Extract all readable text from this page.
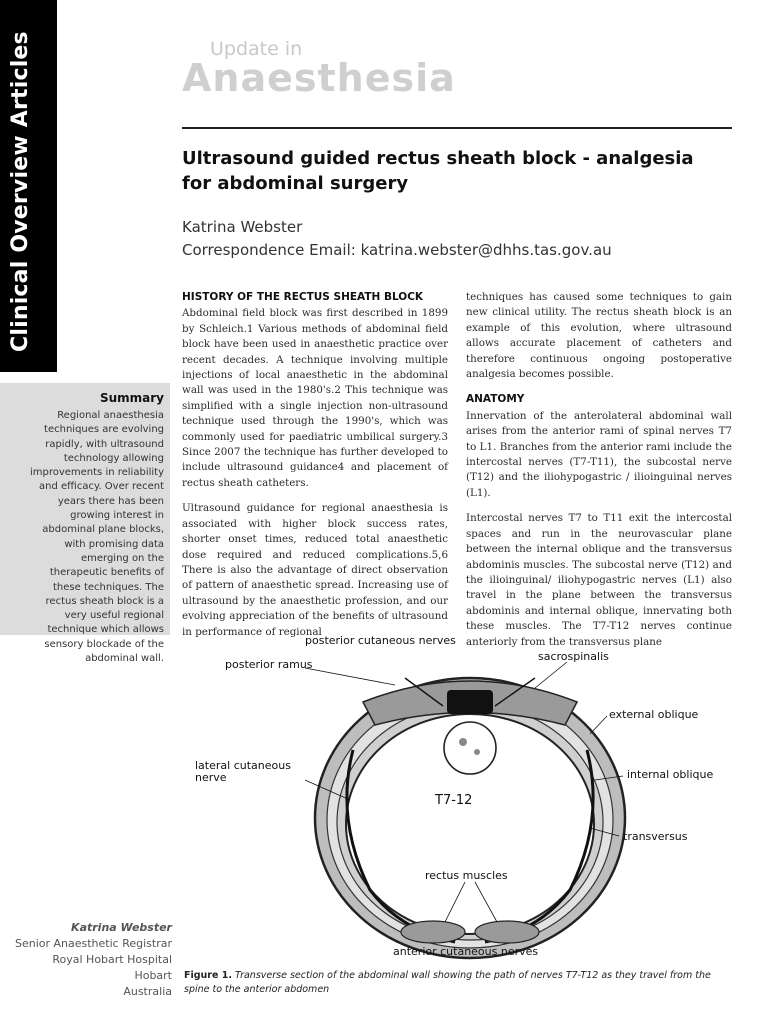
Clinical Overview Articles	Update in
Anaesthesia
Ultrasound guided rectus sheath block - analgesia for abdominal surgery
Katrina Webster
Correspondence Email: katrina.webster@dhhs.tas.gov.au
Summary
Regional anaesthesia techniques are evolving rapidly, with ultrasound technology allowing improvements in reliability and efficacy. Over recent years there has been growing interest in abdominal plane blocks, with promising data emerging on the therapeutic benefits of these techniques. The rectus sheath block is a very useful regional technique which allows sensory blockade of the abdominal wall.
HISTORY OF THE RECTUS SHEATH BLOCK

Abdominal field block was first described in 1899 by Schleich.1 Various methods of abdominal field block have been used in anaesthetic practice over recent decades. A technique involving multiple injections of local anaesthetic in the abdominal wall was used in the 1980's.2 This technique was simplified with a single injection non-ultrasound technique used through the 1990's, which was commonly used for paediatric umbilical surgery.3 Since 2007 the technique has further developed to include ultrasound guidance4 and placement of rectus sheath catheters.

Ultrasound guidance for regional anaesthesia is associated with higher block success rates, shorter onset times, reduced total anaesthetic dose required and reduced complications.5,6 There is also the advantage of direct observation of pattern of anaesthetic spread. Increasing use of ultrasound by the anaesthetic profession, and our evolving appreciation of the benefits of ultrasound in performance of regional

techniques has caused some techniques to gain new clinical utility. The rectus sheath block is an example of this evolution, where ultrasound allows accurate placement of catheters and therefore continuous ongoing postoperative analgesia becomes possible.

ANATOMY

Innervation of the anterolateral abdominal wall arises from the anterior rami of spinal nerves T7 to L1. Branches from the anterior rami include the intercostal nerves (T7-T11), the subcostal nerve (T12) and the iliohypogastric / ilioinguinal nerves (L1).

Intercostal nerves T7 to T11 exit the intercostal spaces and run in the neurovascular plane between the internal oblique and the transversus abdominis muscles. The subcostal nerve (T12) and the ilioinguinal/ iliohypogastric nerves (L1) also travel in the plane between the transversus abdominis and internal oblique, innervating both these muscles. The T7-T12 nerves continue anteriorly from the transversus plane

posterior cutaneous nerves
posterior ramus
sacrospinalis
external oblique
lateral cutaneous nerve	internal oblique
T7-12
transversus
rectus muscles
anterior cutaneous nerves
Figure 1. Transverse section of the abdominal wall showing the path of nerves T7-T12 as they travel from the spine to the anterior abdomen
Katrina Webster
Senior Anaesthetic Registrar
Royal Hobart Hospital
Hobart
Australia
